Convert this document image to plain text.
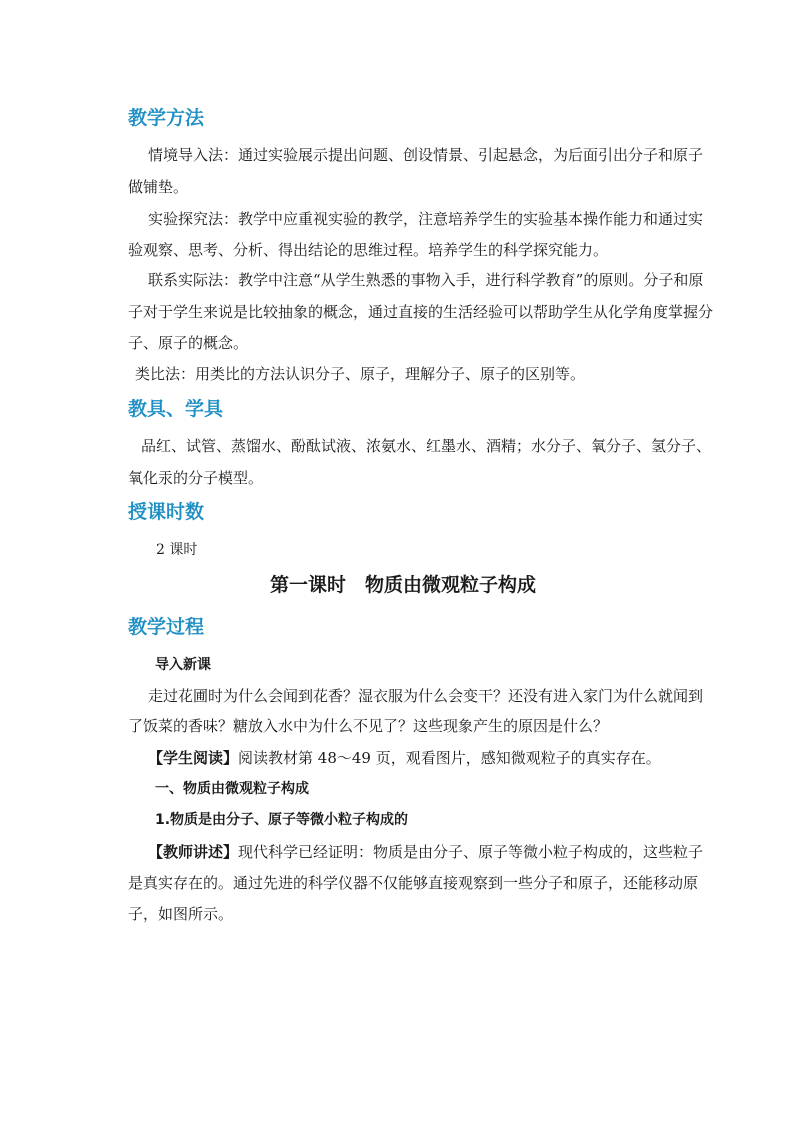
教学方法

情境导入法：通过实验展示提出问题、创设情景、引起悬念，为后面引出分子和原子

做铺垫。

实验探究法：教学中应重视实验的教学，注意培养学生的实验基本操作能力和通过实

验观察、思考、分析、得出结论的思维过程。培养学生的科学探究能力。

联系实际法：教学中注意“从学生熟悉的事物入手，进行科学教育”的原则。分子和原

子对于学生来说是比较抽象的概念，通过直接的生活经验可以帮助学生从化学角度掌握分

子、原子的概念。

类比法：用类比的方法认识分子、原子，理解分子、原子的区别等。

教具、学具

品红、试管、蒸馏水、酚酞试液、浓氨水、红墨水、酒精；水分子、氧分子、氢分子、

氧化汞的分子模型。

授课时数

2 课时

第一课时　物质由微观粒子构成
教学过程

导入新课

走过花圃时为什么会闻到花香？湿衣服为什么会变干？还没有进入家门为什么就闻到

了饭菜的香味？糖放入水中为什么不见了？这些现象产生的原因是什么？

【学生阅读】阅读教材第 48～49 页，观看图片，感知微观粒子的真实存在。

一、物质由微观粒子构成

1.物质是由分子、原子等微小粒子构成的

【教师讲述】现代科学已经证明：物质是由分子、原子等微小粒子构成的，这些粒子

是真实存在的。通过先进的科学仪器不仅能够直接观察到一些分子和原子，还能移动原

子，如图所示。
